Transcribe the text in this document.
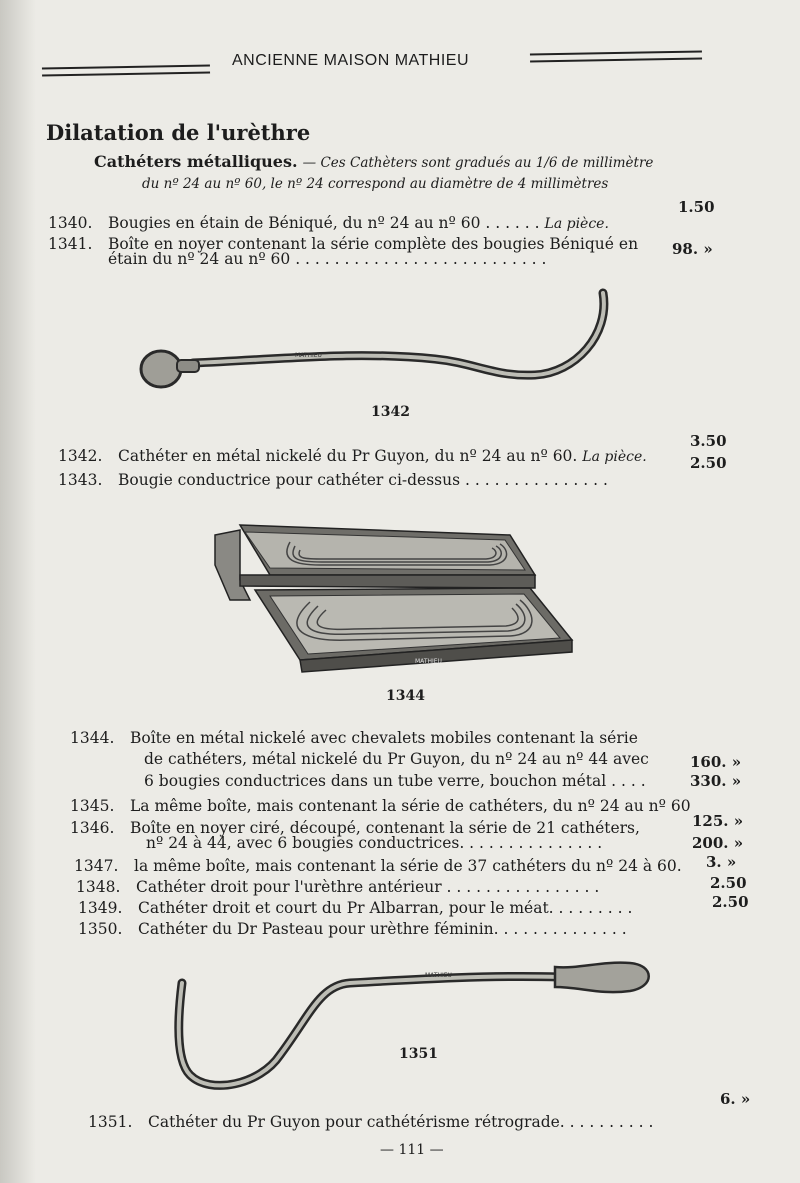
ANCIENNE MAISON MATHIEU
Dilatation de l'urèthre
Cathéters métalliques. — Ces Cathèters sont gradués au 1/6 de millimètre
du nº 24 au nº 60, le nº 24 correspond au diamètre de 4 millimètres
1340. Bougies en étain de Béniqué, du nº 24 au nº 60 . . . . . . La pièce.
1.50
1341. Boîte en noyer contenant la série complète des bougies Béniqué en
étain du nº 24 au nº 60 . . . . . . . . . . . . . . . . . . . . . . . . . .
98. »
MATHIEU
1342
1342. Cathéter en métal nickelé du Pr Guyon, du nº 24 au nº 60. La pièce.
3.50
1343. Bougie conductrice pour cathéter ci-dessus . . . . . . . . . . . . . . .
2.50
MATHIEU
1344
1344. Boîte en métal nickelé avec chevalets mobiles contenant la série
de cathéters, métal nickelé du Pr Guyon, du nº 24 au nº 44 avec
6 bougies conductrices dans un tube verre, bouchon métal . . . .
160. »
1345. La même boîte, mais contenant la série de cathéters, du nº 24 au nº 60
330. »
1346. Boîte en noyer ciré, découpé, contenant la série de 21 cathéters,
nº 24 à 44, avec 6 bougies conductrices. . . . . . . . . . . . . . .
125. »
1347. la même boîte, mais contenant la série de 37 cathéters du nº 24 à 60.
200. »
1348. Cathéter droit pour l'urèthre antérieur . . . . . . . . . . . . . . . .
3. »
1349. Cathéter droit et court du Pr Albarran, pour le méat. . . . . . . . .
2.50
1350. Cathéter du Dr Pasteau pour urèthre féminin. . . . . . . . . . . . . .
2.50
MATHIEU
1351
1351. Cathéter du Pr Guyon pour cathétérisme rétrograde. . . . . . . . . .
6. »
— 111 —
